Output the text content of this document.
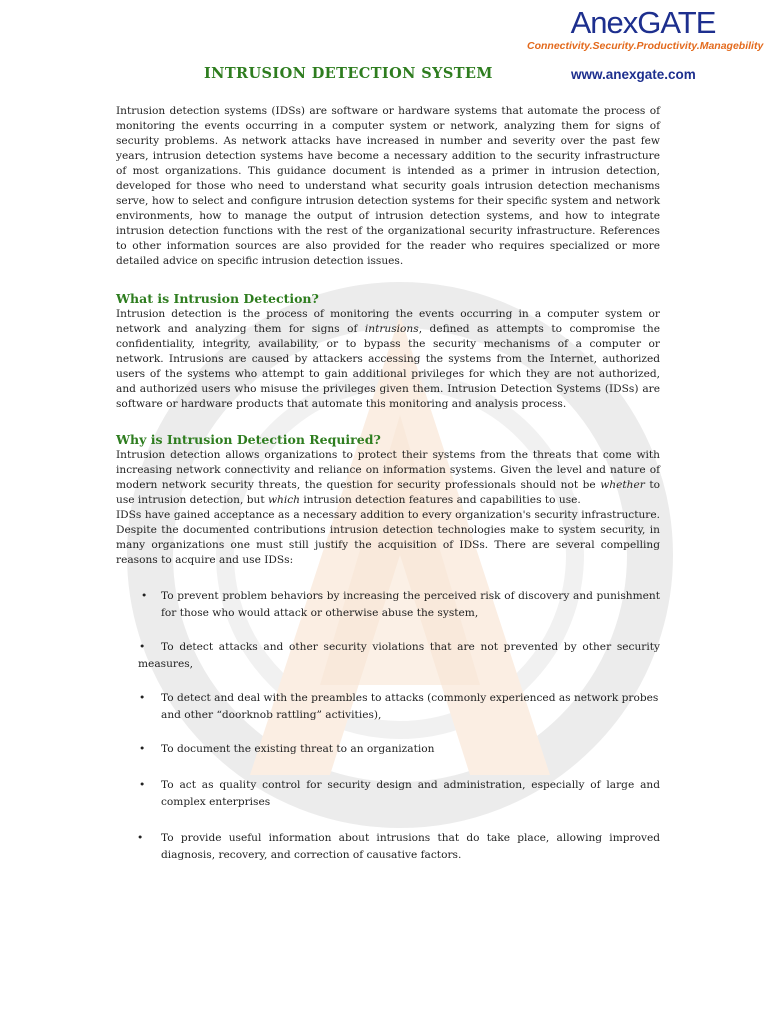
AnexGATE
Connectivity.Security.Productivity.Managebility
www.anexgate.com
INTRUSION DETECTION SYSTEM

Intrusion detection systems (IDSs) are software or hardware systems that automate the process of monitoring the events occurring in a computer system or network, analyzing them for signs of security problems. As network attacks have increased in number and severity over the past few years, intrusion detection systems have become a necessary addition to the security infrastructure of most organizations. This guidance document is intended as a primer in intrusion detection, developed for those who need to understand what security goals intrusion detection mechanisms serve, how to select and configure intrusion detection systems for their specific system and network environments, how to manage the output of intrusion detection systems, and how to integrate intrusion detection functions with the rest of the organizational security infrastructure. References to other information sources are also provided for the reader who requires specialized or more detailed advice on specific intrusion detection issues.

What is Intrusion Detection?

Intrusion detection is the process of monitoring the events occurring in a computer system or network and analyzing them for signs of intrusions, defined as attempts to compromise the confidentiality, integrity, availability, or to bypass the security mechanisms of a computer or network. Intrusions are caused by attackers accessing the systems from the Internet, authorized users of the systems who attempt to gain additional privileges for which they are not authorized, and authorized users who misuse the privileges given them. Intrusion Detection Systems (IDSs) are software or hardware products that automate this monitoring and analysis process.

Why is Intrusion Detection Required?

Intrusion detection allows organizations to protect their systems from the threats that come with increasing network connectivity and reliance on information systems. Given the level and nature of modern network security threats, the question for security professionals should not be whether to use intrusion detection, but which intrusion detection features and capabilities to use.

IDSs have gained acceptance as a necessary addition to every organization's security infrastructure. Despite the documented contributions intrusion detection technologies make to system security, in many organizations one must still justify the acquisition of IDSs. There are several compelling reasons to acquire and use IDSs:

• To prevent problem behaviors by increasing the perceived risk of discovery and punishment for those who would attack or otherwise abuse the system,
• To detect attacks and other security violations that are not prevented by other security measures,
• To detect and deal with the preambles to attacks (commonly experienced as network probes and other “doorknob rattling” activities),
• To document the existing threat to an organization
• To act as quality control for security design and administration, especially of large and complex enterprises
• To provide useful information about intrusions that do take place, allowing improved diagnosis, recovery, and correction of causative factors.
